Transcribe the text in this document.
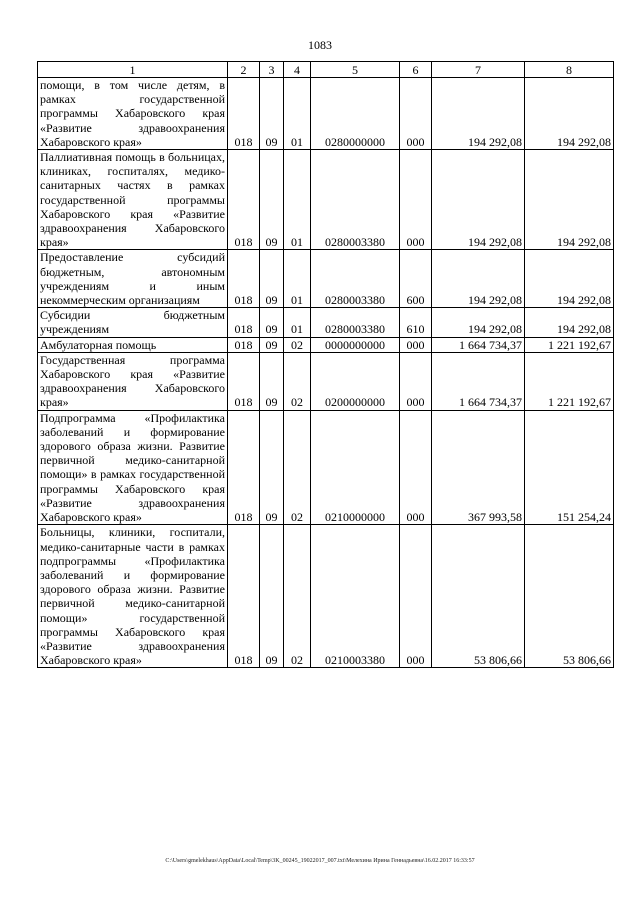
1083
1	2	3	4	5	6	7	8
помощи, в том числе детям, в рамках государственной программы Хабаровского края «Развитие здравоохранения Хабаровского края»	018	09	01	0280000000	000	194 292,08	194 292,08
Паллиативная помощь в больницах, клиниках, госпиталях, медико-санитарных частях в рамках государственной программы Хабаровского края «Развитие здравоохранения Хабаровского края»	018	09	01	0280003380	000	194 292,08	194 292,08
Предоставление субсидий бюджетным, автономным учреждениям и иным некоммерческим организациям	018	09	01	0280003380	600	194 292,08	194 292,08
Субсидии бюджетным учреждениям	018	09	01	0280003380	610	194 292,08	194 292,08
Амбулаторная помощь	018	09	02	0000000000	000	1 664 734,37	1 221 192,67
Государственная программа Хабаровского края «Развитие здравоохранения Хабаровского края»	018	09	02	0200000000	000	1 664 734,37	1 221 192,67
Подпрограмма «Профилактика заболеваний и формирование здорового образа жизни. Развитие первичной медико-санитарной помощи» в рамках государственной программы Хабаровского края «Развитие здравоохранения Хабаровского края»	018	09	02	0210000000	000	367 993,58	151 254,24
Больницы, клиники, госпитали, медико-санитарные части в рамках подпрограммы «Профилактика заболеваний и формирование здорового образа жизни. Развитие первичной медико-санитарной помощи» государственной программы Хабаровского края «Развитие здравоохранения Хабаровского края»	018	09	02	0210003380	000	53 806,66	53 806,66
C:\Users\gmelekhaus\AppData\Local\Temp\3K_00245_19022017_007.txt\Мелехина Ирина Геннадьевна\16.02.2017 16:33:57
